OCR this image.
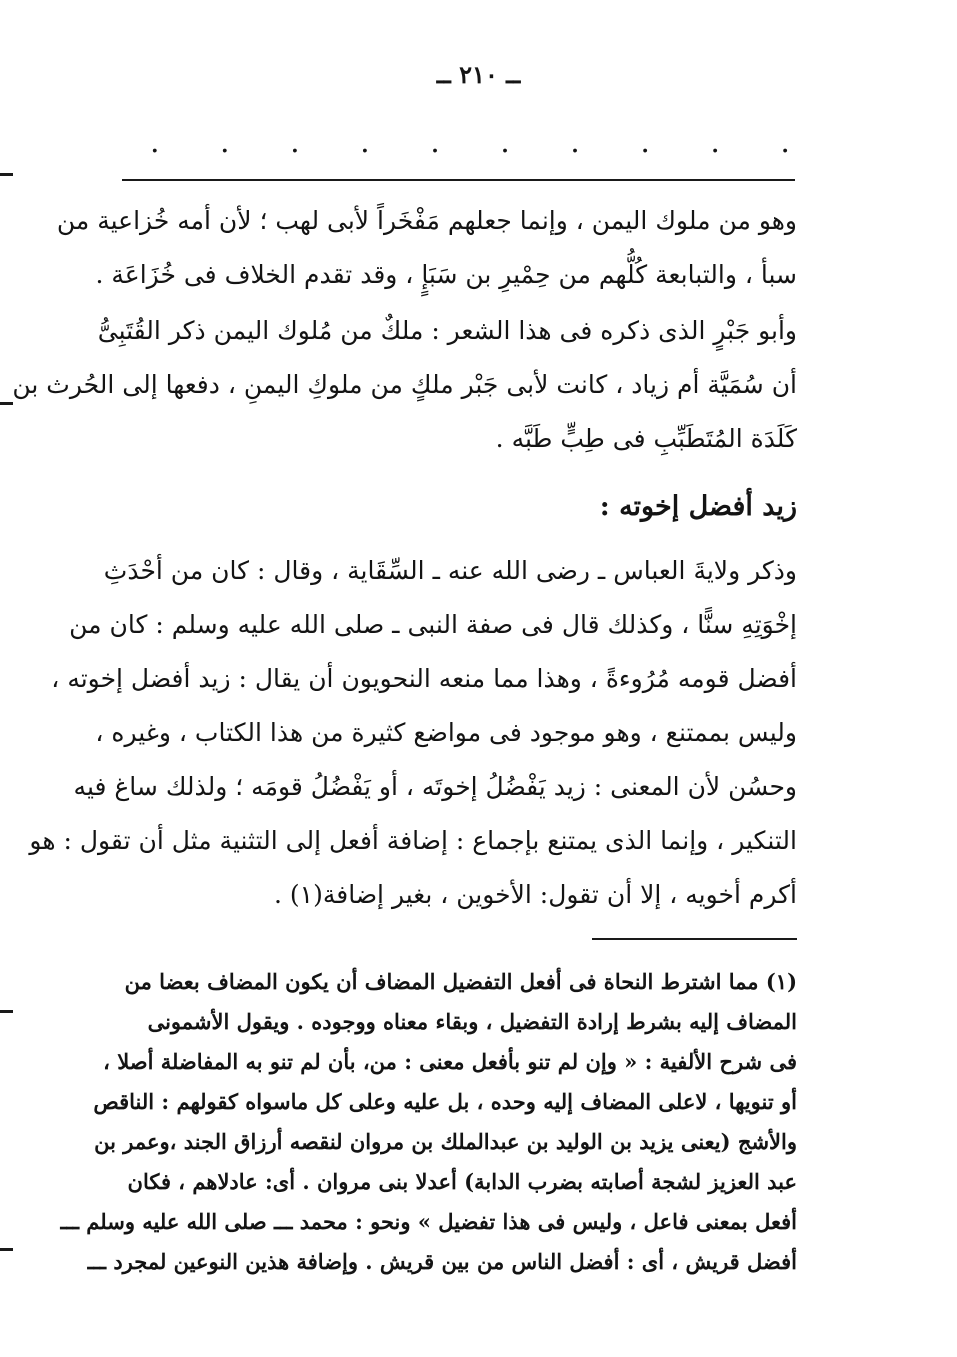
ــ ٢١٠ ــ
.
.
.
.
.
.
.
.
.
.
وهو من ملوك اليمن ، وإنما جعلهم مَفْخَراً لأبى لهب ؛ لأن أمه خُزاعية من
سبأ ، والتبابعة كُلُّهم من حِمْيرِ بن سَبَإٍ ، وقد تقدم الخلاف فى خُزَاعَة .
وأبو جَبْرٍ الذى ذكره فى هذا الشعر : ملكٌ من مُلوك اليمن ذكر القُتَبِىُّ
أن سُمَيَّة أم زياد ، كانت لأبى جَبْر ملكٍ من ملوكِ اليمنِ ، دفعها إلى الحُرث بن
كَلَدَة المُتَطَبِّبِ فى طِبٍّ طَبَّه .
زيد أفضل إخوته :
وذكر ولايةَ العباس ـ رضى الله عنه ـ السِّقَاية ، وقال : كان من أحْدَثِ
إخْوَتِهِ سنًّا ، وكذلك قال فى صفة النبى ـ صلى الله عليه وسلم : كان من
أفضل قومه مُرُوءةً ، وهذا مما منعه النحويون أن يقال : زيد أفضل إخوته ،
وليس بممتنع ، وهو موجود فى مواضع كثيرة من هذا الكتاب ، وغيره ،
وحسُن لأن المعنى : زيد يَفْضُلُ إخوتَه ، أو يَفْضُلُ قومَه ؛ ولذلك ساغ فيه
التنكير ، وإنما الذى يمتنع بإجماع : إضافة أفعل إلى التثنية مثل أن تقول : هو
أكرم أخويه ، إلا أن تقول: الأخوين ، بغير إضافة(١) .
(١) مما اشترط النحاة فى أفعل التفضيل المضاف أن يكون المضاف بعضا من
المضاف إليه بشرط إرادة التفضيل ، وبقاء معناه ووجوده . ويقول الأشمونى
فى شرح الألفية : « وإن لم تنو بأفعل معنى : من، بأن لم تنو به المفاضلة أصلا ،
أو تنويها ، لاعلى المضاف إليه وحده ، بل عليه وعلى كل ماسواه كقولهم : الناقص
والأشج (يعنى يزيد بن الوليد بن عبدالملك بن مروان لنقصه أرزاق الجند ،وعمر بن
عبد العزيز لشجة أصابته بضرب الدابة) أعدلا بنى مروان . أى: عادلاهم ، فكان
أفعل بمعنى فاعل ، وليس فى هذا تفضيل » ونحو : محمد ـــ صلى الله عليه وسلم ـــ
أفضل قريش ، أى : أفضل الناس من بين قريش . وإضافة هذين النوعين لمجرد ـــ
